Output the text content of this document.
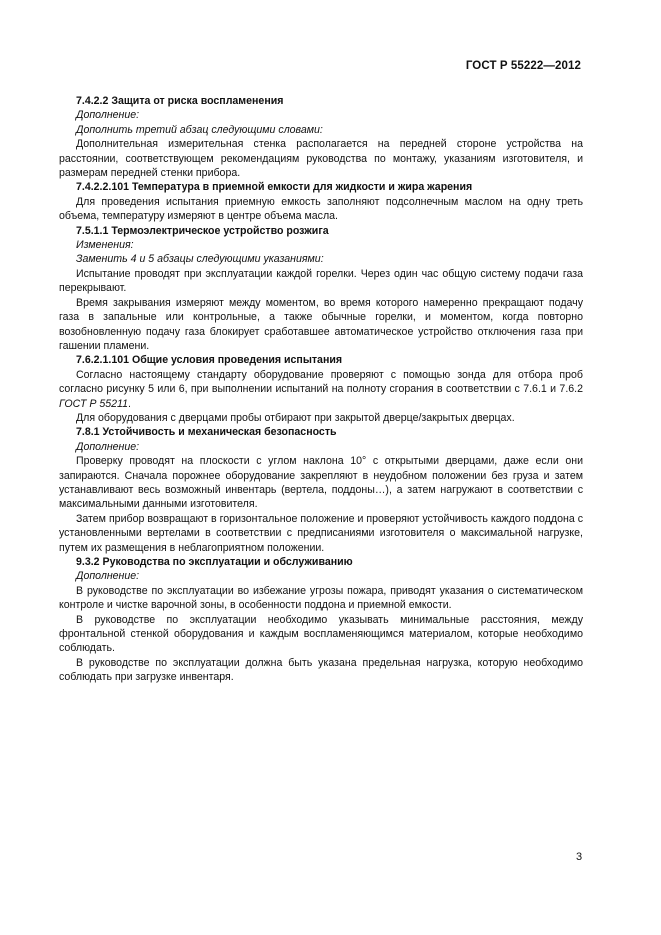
ГОСТ Р 55222—2012

7.4.2.2 Защита от риска воспламенения

Дополнение:

Дополнить третий абзац следующими словами:

Дополнительная измерительная стенка располагается на передней стороне устройства на расстоянии, соответствующем рекомендациям руководства по монтажу, указаниям изготовителя, и размерам передней стенки прибора.

7.4.2.2.101 Температура в приемной емкости для жидкости и жира жарения

Для проведения испытания приемную емкость заполняют подсолнечным маслом на одну треть объема, температуру измеряют в центре объема масла.

7.5.1.1 Термоэлектрическое устройство розжига

Изменения:

Заменить 4 и 5 абзацы следующими указаниями:

Испытание проводят при эксплуатации каждой горелки. Через один час общую систему подачи газа перекрывают.

Время закрывания измеряют между моментом, во время которого намеренно прекращают подачу газа в запальные или контрольные, а также обычные горелки, и моментом, когда повторно возобновленную подачу газа блокирует сработавшее автоматическое устройство отключения газа при гашении пламени.

7.6.2.1.101 Общие условия проведения испытания

Согласно настоящему стандарту оборудование проверяют с помощью зонда для отбора проб согласно рисунку 5 или 6, при выполнении испытаний на полноту сгорания в соответствии с 7.6.1 и 7.6.2 ГОСТ Р 55211.

Для оборудования с дверцами пробы отбирают при закрытой дверце/закрытых дверцах.

7.8.1 Устойчивость и механическая безопасность

Дополнение:

Проверку проводят на плоскости с углом наклона 10° с открытыми дверцами, даже если они запираются. Сначала порожнее оборудование закрепляют в неудобном положении без груза и затем устанавливают весь возможный инвентарь (вертела, поддоны…), а затем нагружают в соответствии с максимальными данными изготовителя.

Затем прибор возвращают в горизонтальное положение и проверяют устойчивость каждого поддона с установленными вертелами в соответствии с предписаниями изготовителя о максимальной нагрузке, путем их размещения в неблагоприятном положении.

9.3.2 Руководства по эксплуатации и обслуживанию

Дополнение:

В руководстве по эксплуатации во избежание угрозы пожара, приводят указания о систематическом контроле и чистке варочной зоны, в особенности поддона и приемной емкости.

В руководстве по эксплуатации необходимо указывать минимальные расстояния, между фронтальной стенкой оборудования и каждым воспламеняющимся материалом, которые необходимо соблюдать.

В руководстве по эксплуатации должна быть указана предельная нагрузка, которую необходимо соблюдать при загрузке инвентаря.

3
